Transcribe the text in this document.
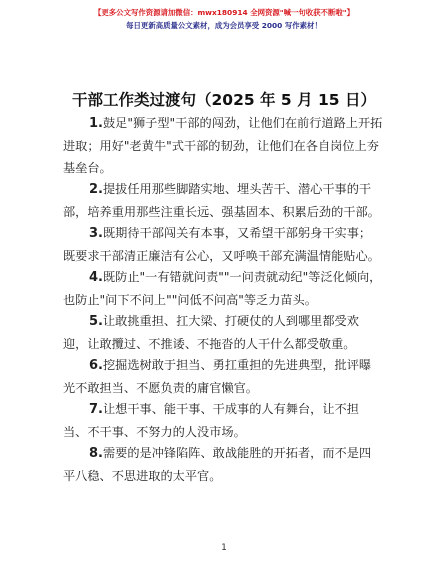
【更多公文写作资源请加微信：mwx180914 全网资源"喊一句收获不断啦"】
每日更新高质量公文素材，成为会员享受 2000 写作素材！
干部工作类过渡句（2025 年 5 月 15 日）

1.鼓足"狮子型"干部的闯劲，让他们在前行道路上开拓进取；用好"老黄牛"式干部的韧劲，让他们在各自岗位上夯基垒台。

2.提拔任用那些脚踏实地、埋头苦干、潜心干事的干部，培养重用那些注重长远、强基固本、积累后劲的干部。

3.既期待干部闯关有本事，又希望干部躬身干实事；既要求干部清正廉洁有公心，又呼唤干部充满温情能贴心。

4.既防止"一有错就问责""一问责就动纪"等泛化倾向，也防止"问下不问上""问低不问高"等乏力苗头。

5.让敢挑重担、扛大梁、打硬仗的人到哪里都受欢迎，让敢攬过、不推诿、不拖沓的人干什么都受敬重。

6.挖掘选树敢于担当、勇扛重担的先进典型，批评曝光不敢担当、不愿负责的庸官懒官。

7.让想干事、能干事、干成事的人有舞台，让不担当、不干事、不努力的人没市场。

8.需要的是冲锋陷阵、敢战能胜的开拓者，而不是四平八稳、不思进取的太平官。

1
